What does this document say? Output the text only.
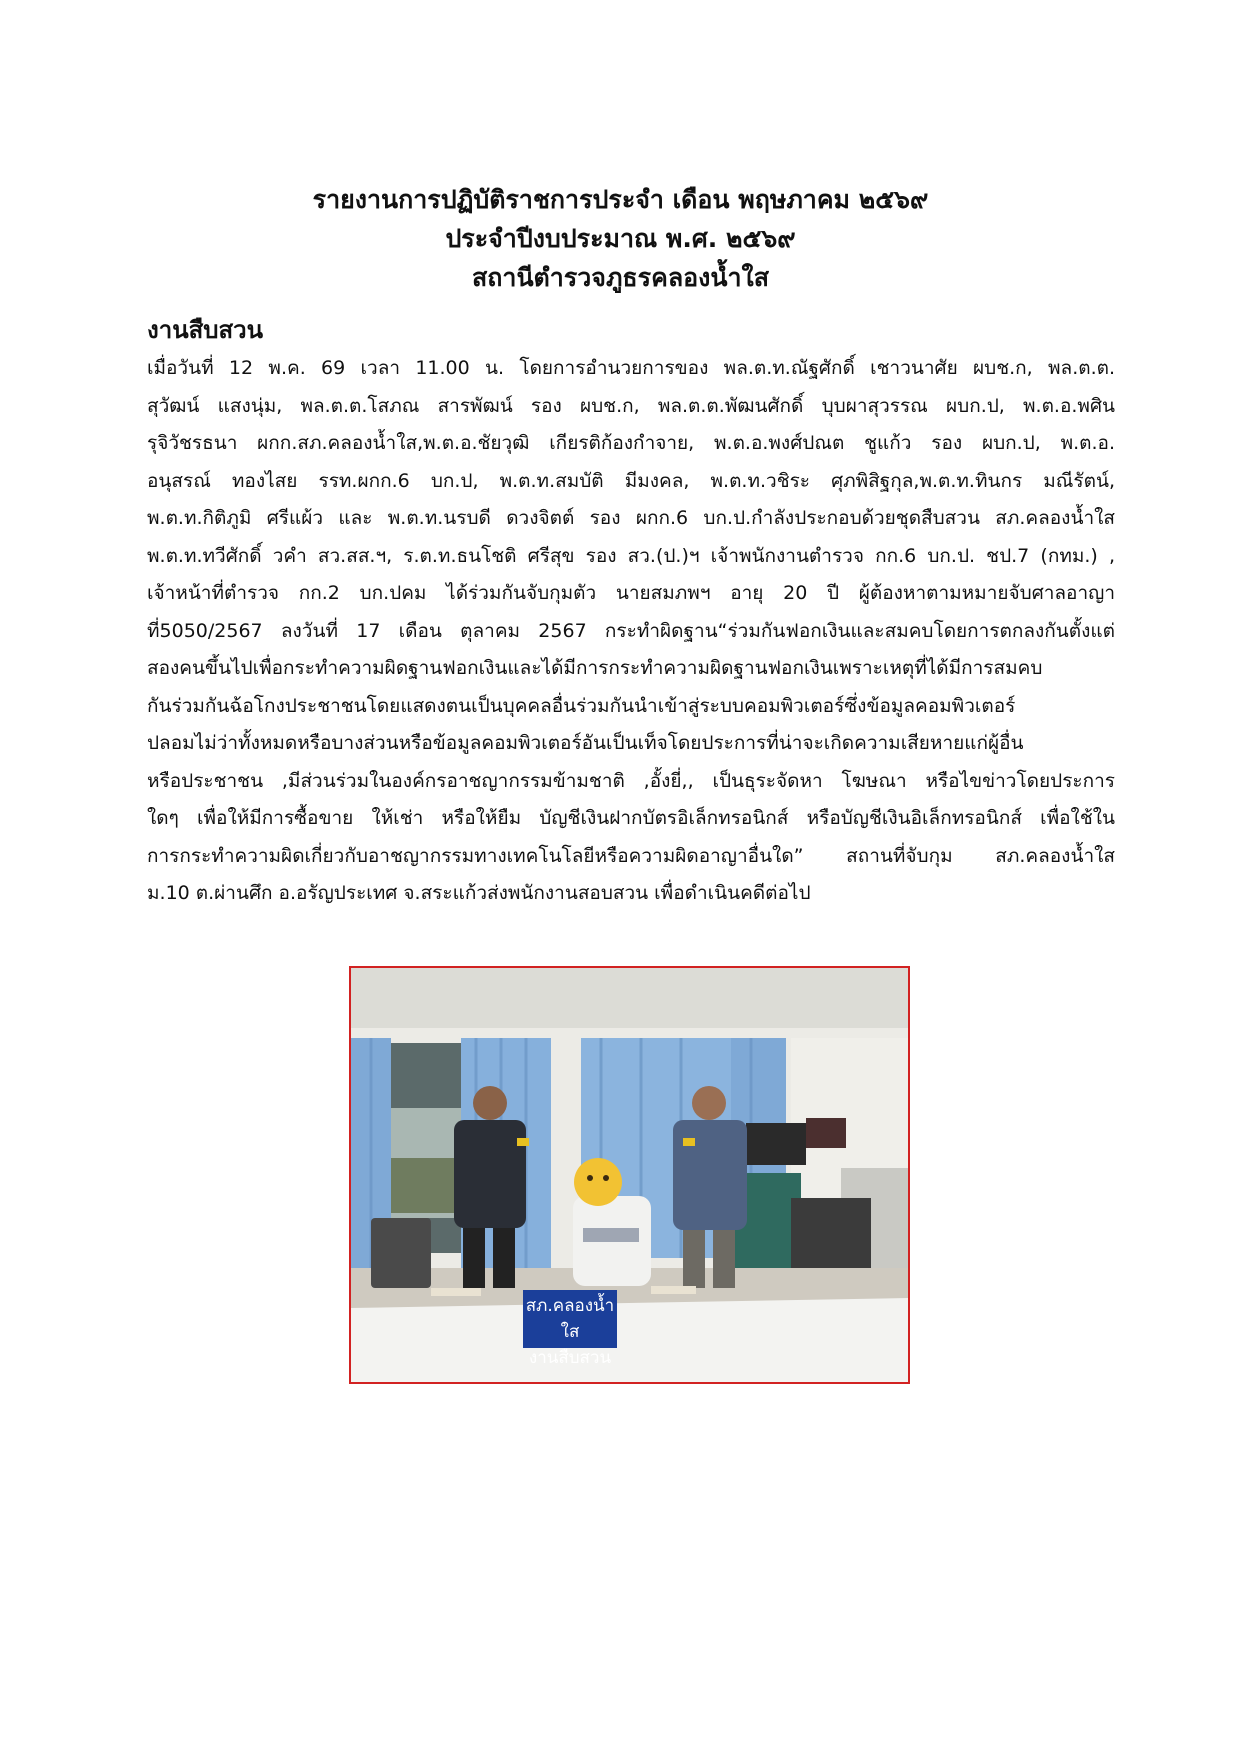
รายงานการปฏิบัติราชการประจำ เดือน พฤษภาคม ๒๕๖๙

ประจำปีงบประมาณ พ.ศ. ๒๕๖๙

สถานีตำรวจภูธรคลองน้ำใส

งานสืบสวน
เมื่อวันที่ 12 พ.ค. 69 เวลา 11.00 น. โดยการอำนวยการของ พล.ต.ท.ณัฐศักดิ์ เชาวนาศัย ผบช.ก, พล.ต.ต.
สุวัฒน์ แสงนุ่ม, พล.ต.ต.โสภณ สารพัฒน์ รอง ผบช.ก, พล.ต.ต.พัฒนศักดิ์ บุบผาสุวรรณ ผบก.ป, พ.ต.อ.พศิน
รุจิวัชรธนา ผกก.สภ.คลองน้ำใส,พ.ต.อ.ชัยวุฒิ เกียรติก้องกำจาย, พ.ต.อ.พงศ์ปณต ชูแก้ว รอง ผบก.ป, พ.ต.อ.
อนุสรณ์ ทองไสย รรท.ผกก.6 บก.ป, พ.ต.ท.สมบัติ มีมงคล, พ.ต.ท.วชิระ ศุภพิสิฐกุล,พ.ต.ท.ทินกร มณีรัตน์,
พ.ต.ท.กิติภูมิ ศรีแผ้ว และ พ.ต.ท.นรบดี ดวงจิตต์ รอง ผกก.6 บก.ป.กำลังประกอบด้วยชุดสืบสวน สภ.คลองน้ำใส
พ.ต.ท.ทวีศักดิ์ วคำ สว.สส.ฯ, ร.ต.ท.ธนโชติ ศรีสุข รอง สว.(ป.)ฯ เจ้าพนักงานตำรวจ กก.6 บก.ป. ชป.7 (กทม.) ,
เจ้าหน้าที่ตำรวจ กก.2 บก.ปคม ได้ร่วมกันจับกุมตัว นายสมภพฯ อายุ 20 ปี ผู้ต้องหาตามหมายจับศาลอาญา
ที่5050/2567 ลงวันที่ 17 เดือน ตุลาคม 2567 กระทำผิดฐาน“ร่วมกันฟอกเงินและสมคบโดยการตกลงกันตั้งแต่
สองคนขึ้นไปเพื่อกระทำความผิดฐานฟอกเงินและได้มีการกระทำความผิดฐานฟอกเงินเพราะเหตุที่ได้มีการสมคบ
กันร่วมกันฉ้อโกงประชาชนโดยแสดงตนเป็นบุคคลอื่นร่วมกันนำเข้าสู่ระบบคอมพิวเตอร์ซึ่งข้อมูลคอมพิวเตอร์
ปลอมไม่ว่าทั้งหมดหรือบางส่วนหรือข้อมูลคอมพิวเตอร์อันเป็นเท็จโดยประการที่น่าจะเกิดความเสียหายแก่ผู้อื่น
หรือประชาชน ,มีส่วนร่วมในองค์กรอาชญากรรมข้ามชาติ ,อั้งยี่,, เป็นธุระจัดหา โฆษณา หรือไขข่าวโดยประการ
ใดๆ เพื่อให้มีการซื้อขาย ให้เช่า หรือให้ยืม บัญชีเงินฝากบัตรอิเล็กทรอนิกส์ หรือบัญชีเงินอิเล็กทรอนิกส์ เพื่อใช้ใน
การกระทำความผิดเกี่ยวกับอาชญากรรมทางเทคโนโลยีหรือความผิดอาญาอื่นใด” สถานที่จับกุม สภ.คลองน้ำใส
ม.10 ต.ผ่านศึก อ.อรัญประเทศ จ.สระแก้วส่งพนักงานสอบสวน เพื่อดำเนินคดีต่อไป
สภ.คลองน้ำใส
งานสืบสวน
